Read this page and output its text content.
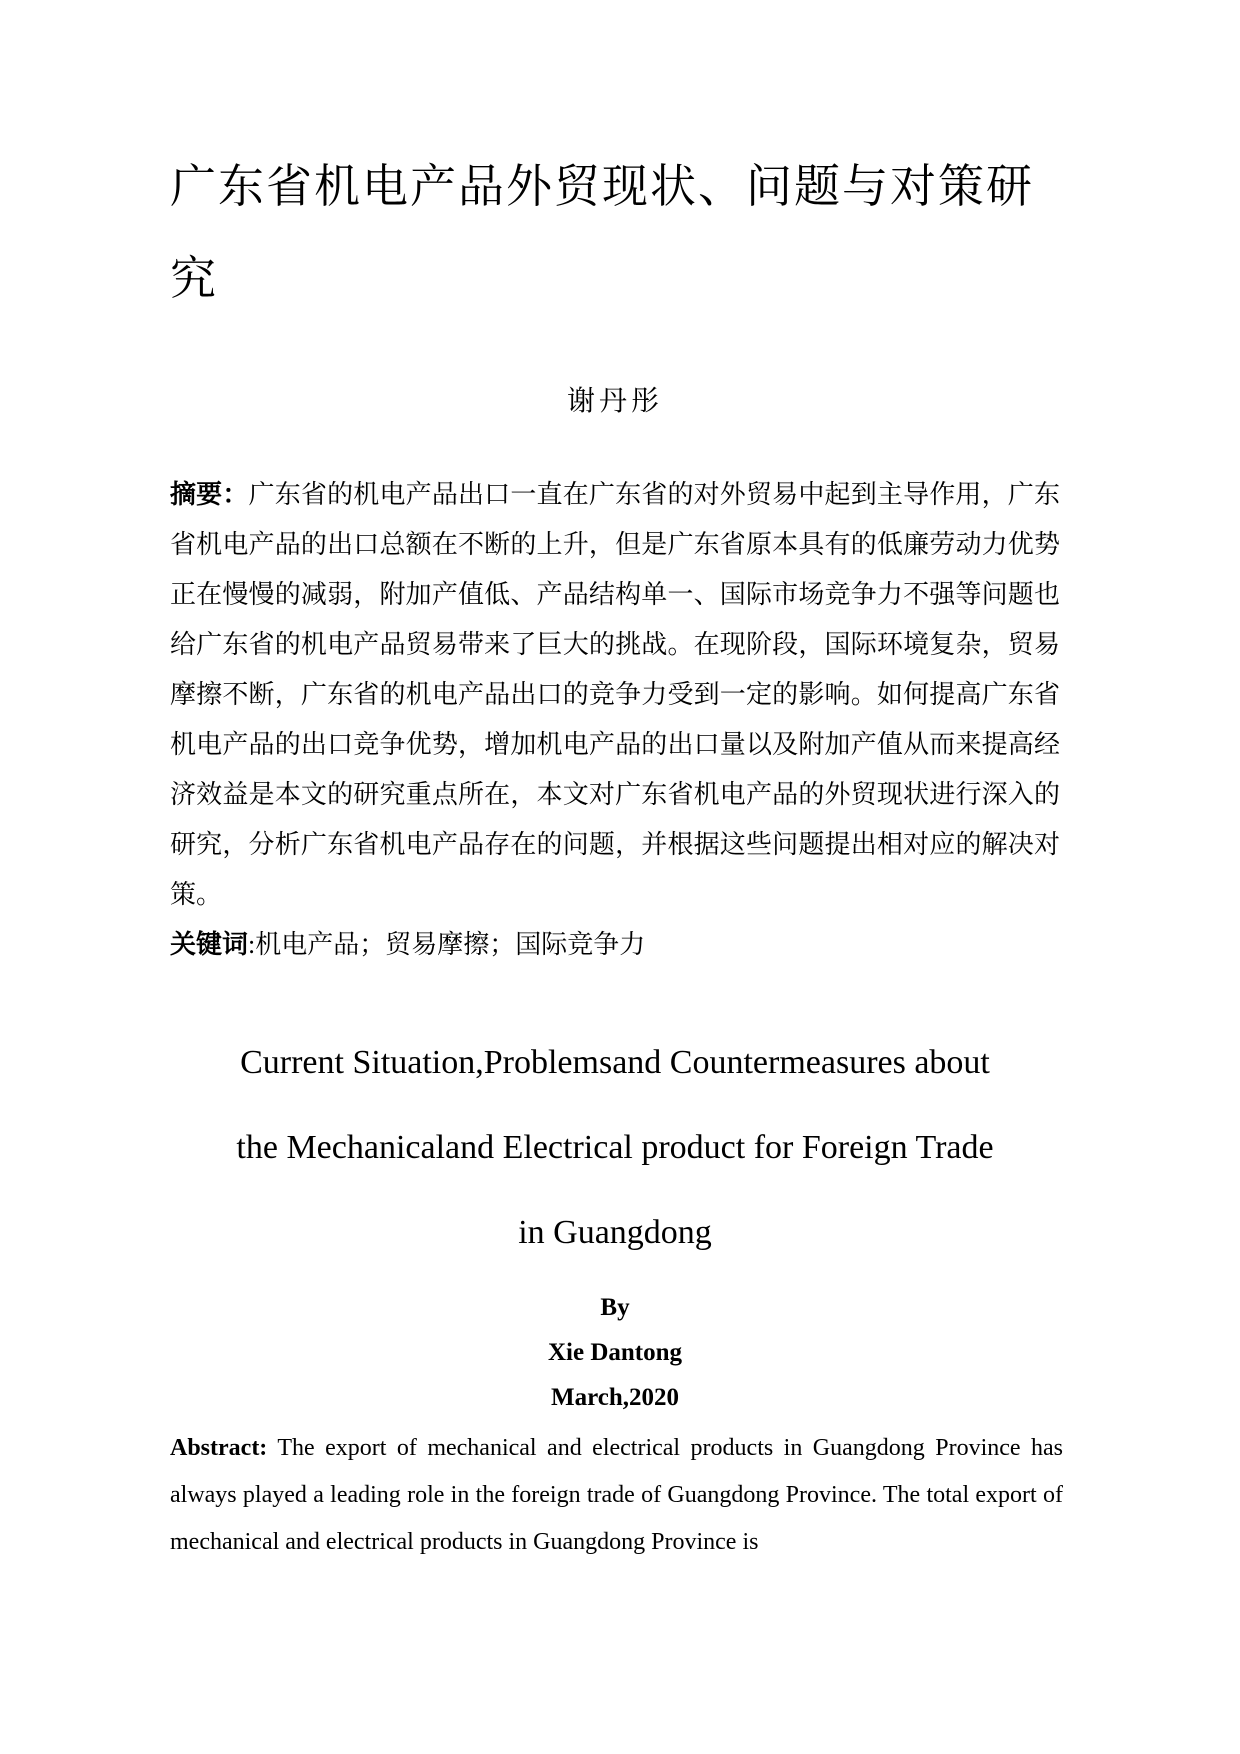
广东省机电产品外贸现状、问题与对策研究
谢丹彤

摘要：广东省的机电产品出口一直在广东省的对外贸易中起到主导作用，广东省机电产品的出口总额在不断的上升，但是广东省原本具有的低廉劳动力优势正在慢慢的减弱，附加产值低、产品结构单一、国际市场竞争力不强等问题也给广东省的机电产品贸易带来了巨大的挑战。在现阶段，国际环境复杂，贸易摩擦不断，广东省的机电产品出口的竞争力受到一定的影响。如何提高广东省机电产品的出口竞争优势，增加机电产品的出口量以及附加产值从而来提高经济效益是本文的研究重点所在，本文对广东省机电产品的外贸现状进行深入的研究，分析广东省机电产品存在的问题，并根据这些问题提出相对应的解决对策。

关键词:机电产品；贸易摩擦；国际竞争力

Current Situation,Problemsand Countermeasures about
the Mechanicaland Electrical product for Foreign Trade
in Guangdong
By
Xie Dantong
March,2020

Abstract: The export of mechanical and electrical products in Guangdong Province has always played a leading role in the foreign trade of Guangdong Province. The total export of mechanical and electrical products in Guangdong Province is
